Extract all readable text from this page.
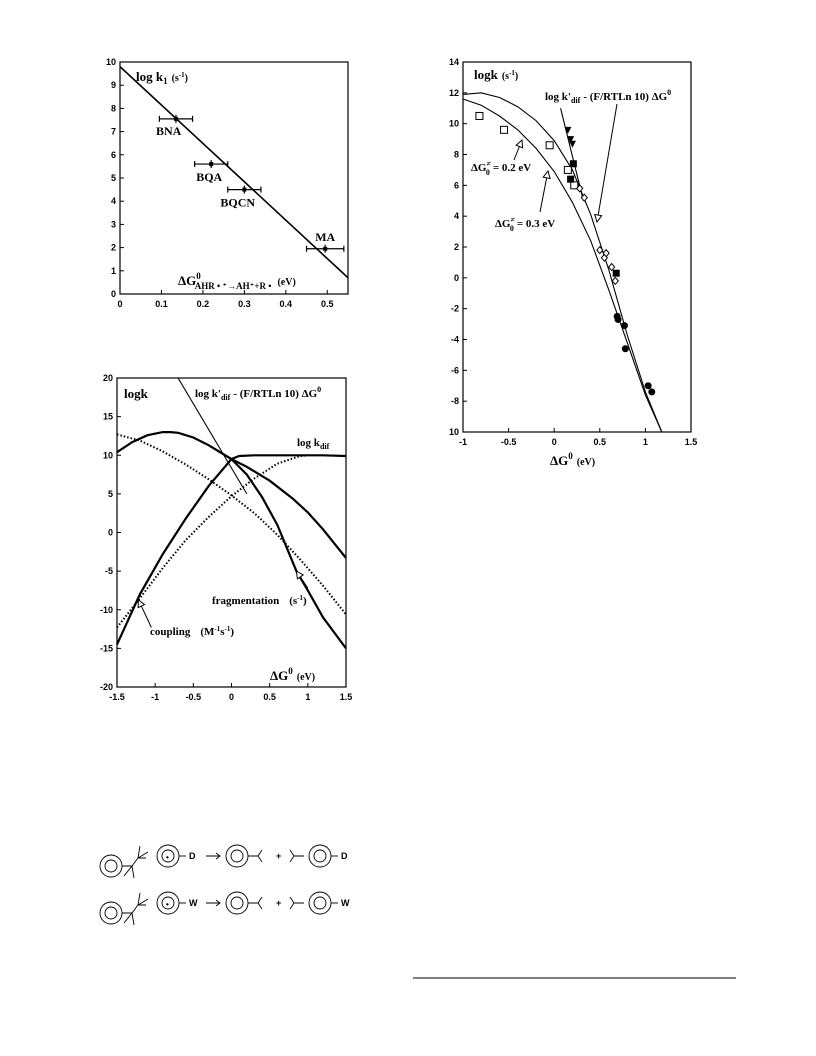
0	0.1	0.2	0.3	0.4	0.5
0
1
2
3
4
5
6
7
8
9
10
BNA
BQA
BQCN
MA
$\log k_1$ $^{(s-1}_)$
$\Delta G^0$ AHR • ⁺→AH⁺+R • $^{(eV)}$
-1.5	-1	-0.5	0	0.5	1	1.5
-20
-15
-10
-5
0
5
10
15
20
logk	$\log k'_{dif}$ - (F/RTLn 10) $\Delta G^0$
$\log k_{dif}$
fragmentation $(s^{-1})$
coupling $(M^{-1}s^{-1})$
$\Delta G^0_{(eV)}$
-1	-0.5	0	0.5	1	1.5
10
-8
-6
-4
-2
0
2
4
6
8
10
12
14
logk ($s^{-1}_)$
$\log k'_{dif}$ - (F/RTLn 10) $\Delta G^0$
ΔG≠ 0 = 0.2 eV
ΔG≠ 0 = 0.3 eV
$\Delta G^0_{(eV)}$
D
•	+	D
W
•	+	W
